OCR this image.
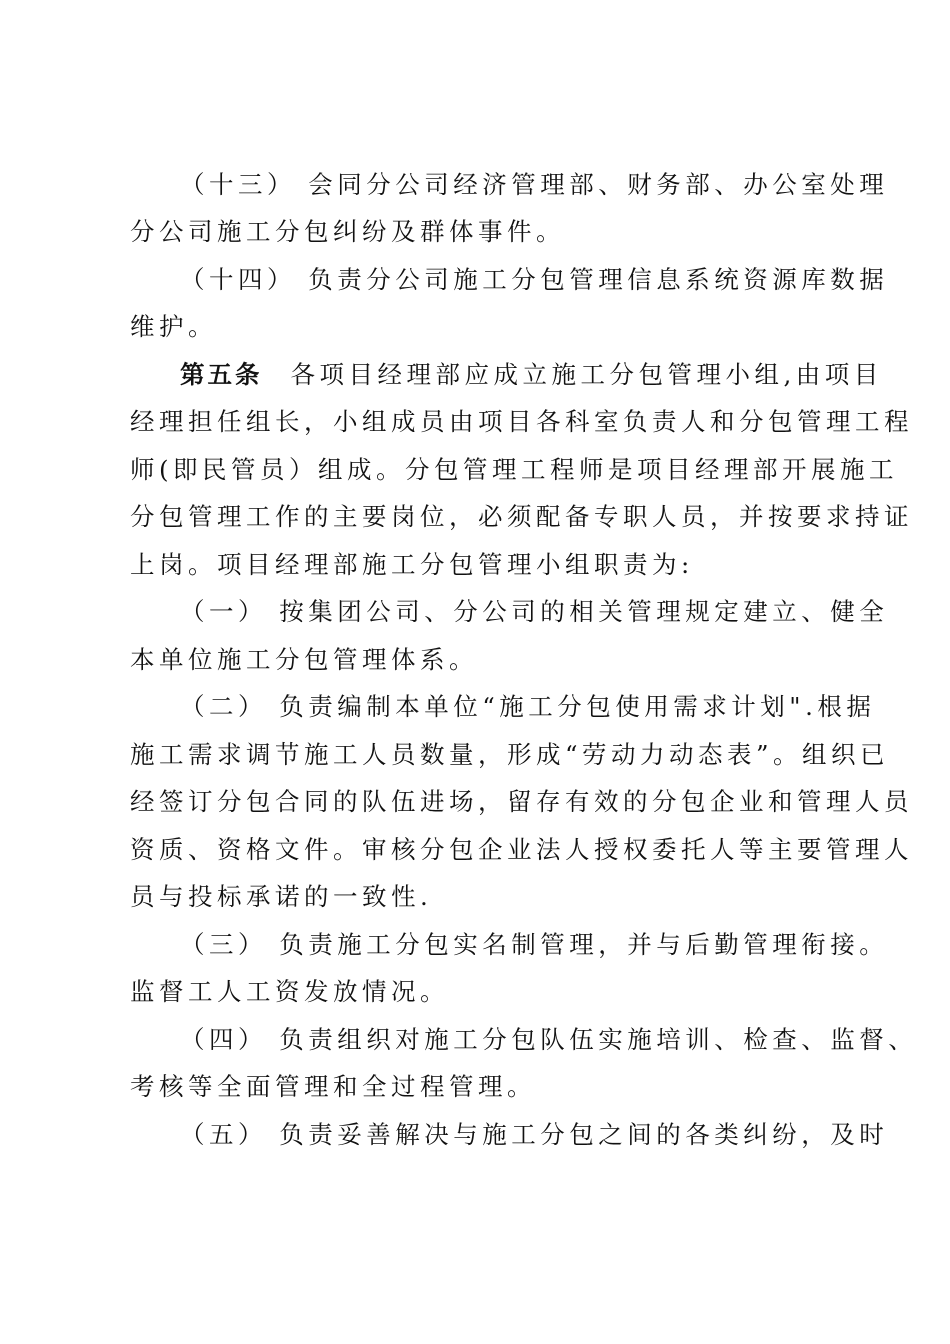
（十三） 会同分公司经济管理部、财务部、办公室处理
分公司施工分包纠纷及群体事件。
（十四） 负责分公司施工分包管理信息系统资源库数据
维护。
第五条 各项目经理部应成立施工分包管理小组,由项目
经理担任组长，小组成员由项目各科室负责人和分包管理工程
师(即民管员）组成。分包管理工程师是项目经理部开展施工
分包管理工作的主要岗位，必须配备专职人员，并按要求持证
上岗。项目经理部施工分包管理小组职责为:
（一） 按集团公司、分公司的相关管理规定建立、健全
本单位施工分包管理体系。
（二） 负责编制本单位“施工分包使用需求计划".根据
施工需求调节施工人员数量，形成“劳动力动态表”。组织已
经签订分包合同的队伍进场，留存有效的分包企业和管理人员
资质、资格文件。审核分包企业法人授权委托人等主要管理人
员与投标承诺的一致性.
（三） 负责施工分包实名制管理，并与后勤管理衔接。
监督工人工资发放情况。
（四） 负责组织对施工分包队伍实施培训、检查、监督、
考核等全面管理和全过程管理。
（五） 负责妥善解决与施工分包之间的各类纠纷，及时
